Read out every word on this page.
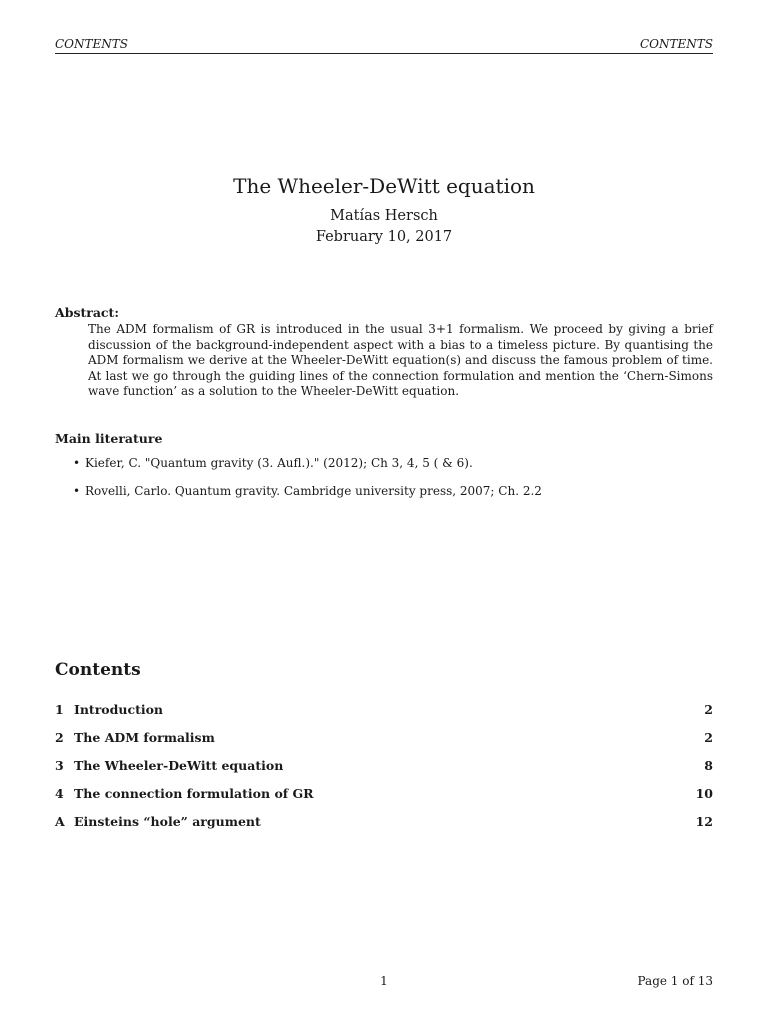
CONTENTS	CONTENTS
The Wheeler-DeWitt equation
Matías Hersch
February 10, 2017
Abstract:
The ADM formalism of GR is introduced in the usual 3+1 formalism. We proceed by giving a brief discussion of the background-independent aspect with a bias to a timeless picture. By quantising the ADM formalism we derive at the Wheeler-DeWitt equation(s) and discuss the famous problem of time. At last we go through the guiding lines of the connection formulation and mention the ‘Chern-Simons wave function’ as a solution to the Wheeler-DeWitt equation.
Main literature
• Kiefer, C. "Quantum gravity (3. Aufl.)." (2012); Ch 3, 4, 5 ( & 6).
• Rovelli, Carlo. Quantum gravity. Cambridge university press, 2007; Ch. 2.2
Contents
1 Introduction	2
2 The ADM formalism	2
3 The Wheeler-DeWitt equation	8
4 The connection formulation of GR	10
A Einsteins “hole” argument	12
1	Page 1 of 13
